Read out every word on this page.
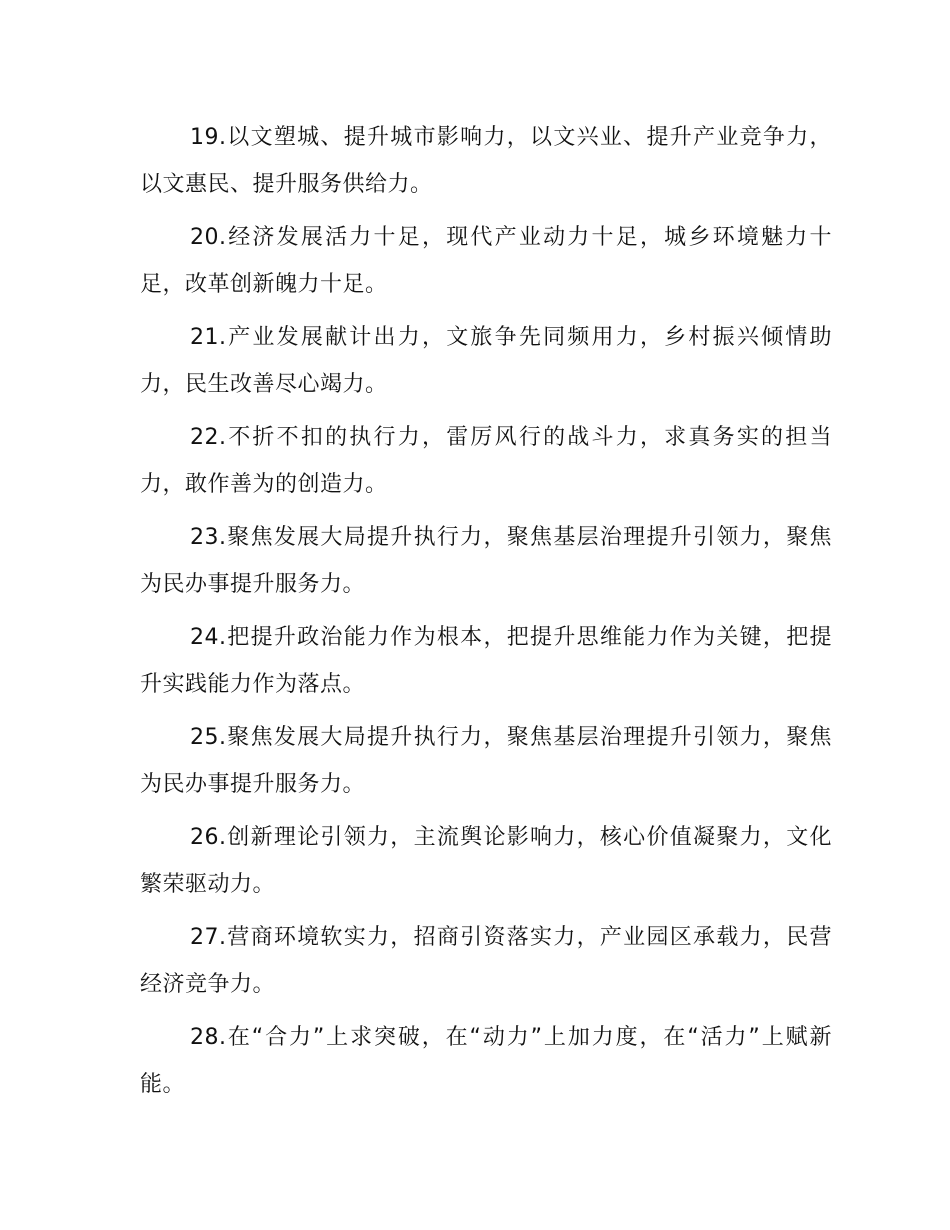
19.以文塑城、提升城市影响力，以文兴业、提升产业竞争力，以文惠民、提升服务供给力。

20.经济发展活力十足，现代产业动力十足，城乡环境魅力十足，改革创新魄力十足。

21.产业发展献计出力，文旅争先同频用力，乡村振兴倾情助力，民生改善尽心竭力。

22.不折不扣的执行力，雷厉风行的战斗力，求真务实的担当力，敢作善为的创造力。

23.聚焦发展大局提升执行力，聚焦基层治理提升引领力，聚焦为民办事提升服务力。

24.把提升政治能力作为根本，把提升思维能力作为关键，把提升实践能力作为落点。

25.聚焦发展大局提升执行力，聚焦基层治理提升引领力，聚焦为民办事提升服务力。

26.创新理论引领力，主流舆论影响力，核心价值凝聚力，文化繁荣驱动力。

27.营商环境软实力，招商引资落实力，产业园区承载力，民营经济竞争力。

28.在“合力”上求突破，在“动力”上加力度，在“活力”上赋新能。
